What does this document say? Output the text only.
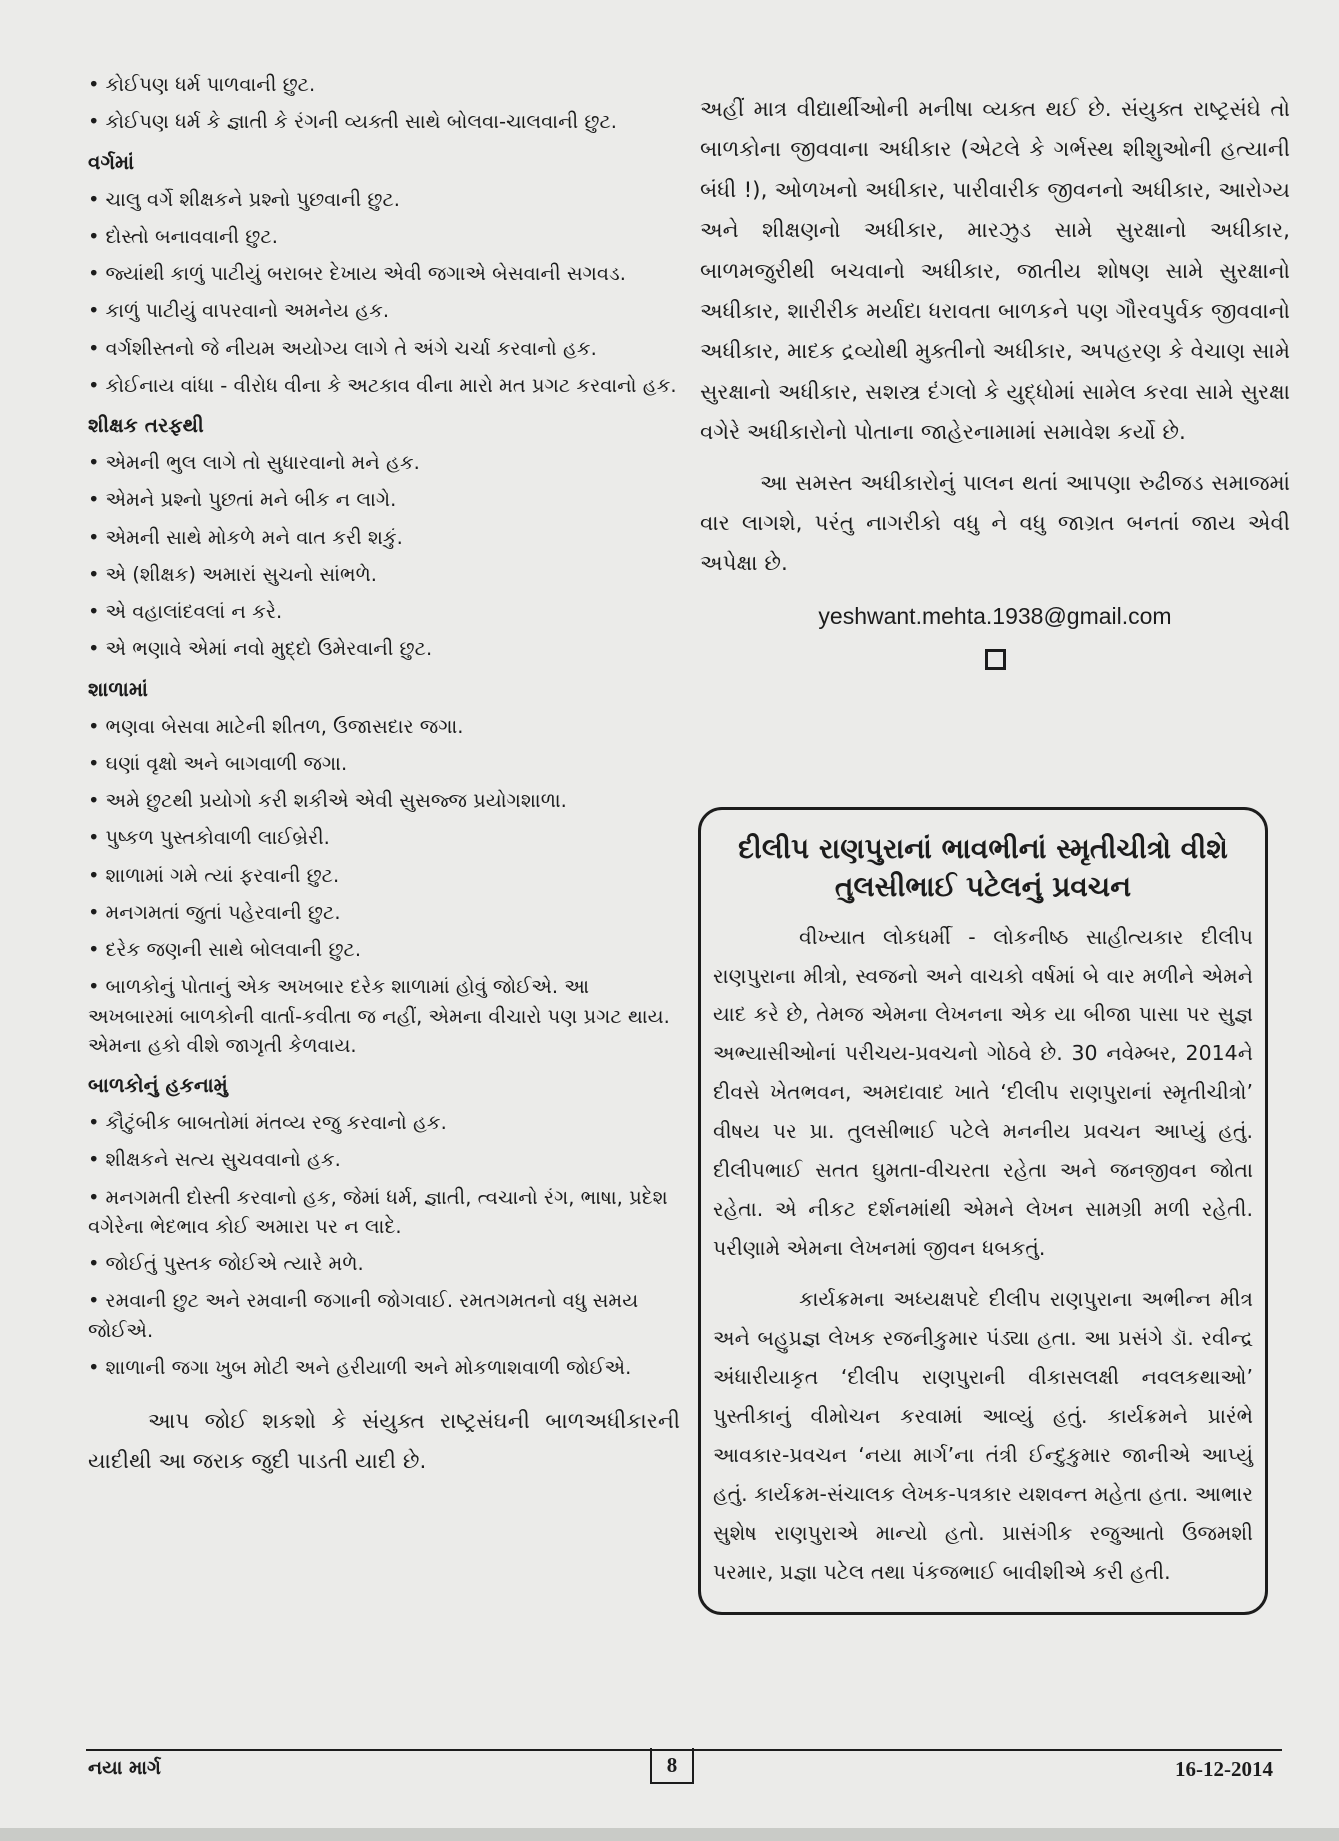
• કોઈપણ ધર્મ પાળવાની છુટ.
• કોઈપણ ધર્મ કે જ્ઞાતી કે રંગની વ્યક્તી સાથે બોલવા-ચાલવાની છુટ.
વર્ગમાં
• ચાલુ વર્ગે શીક્ષકને પ્રશ્નો પુછવાની છુટ.
• દોસ્તો બનાવવાની છુટ.
• જ્યાંથી કાળું પાટીયું બરાબર દેખાય એવી જગાએ બેસવાની સગવડ.
• કાળું પાટીયું વાપરવાનો અમનેય હક.
• વર્ગશીસ્તનો જે નીયમ અયોગ્ય લાગે તે અંગે ચર્ચા કરવાનો હક.
• કોઈનાય વાંધા - વીરોધ વીના કે અટકાવ વીના મારો મત પ્રગટ કરવાનો હક.
શીક્ષક તરફથી
• એમની ભુલ લાગે તો સુધારવાનો મને હક.
• એમને પ્રશ્નો પુછતાં મને બીક ન લાગે.
• એમની સાથે મોકળે મને વાત કરી શકું.
• એ (શીક્ષક) અમારાં સુચનો સાંભળે.
• એ વહાલાંદવલાં ન કરે.
• એ ભણાવે એમાં નવો મુદ્દો ઉમેરવાની છુટ.
શાળામાં
• ભણવા બેસવા માટેની શીતળ, ઉજાસદાર જગા.
• ઘણાં વૃક્ષો અને બાગવાળી જગા.
• અમે છુટથી પ્રયોગો કરી શકીએ એવી સુસજ્જ પ્રયોગશાળા.
• પુષ્કળ પુસ્તકોવાળી લાઈબ્રેરી.
• શાળામાં ગમે ત્યાં ફરવાની છુટ.
• મનગમતાં જુતાં પહેરવાની છુટ.
• દરેક જણની સાથે બોલવાની છુટ.
• બાળકોનું પોતાનું એક અખબાર દરેક શાળામાં હોવું જોઈએ. આ અખબારમાં બાળકોની વાર્તા-કવીતા જ નહીં, એમના વીચારો પણ પ્રગટ થાય. એમના હકો વીશે જાગૃતી કેળવાય.
બાળકોનું હકનામું
• કૌટુંબીક બાબતોમાં મંતવ્ય રજુ કરવાનો હક.
• શીક્ષકને સત્ય સુચવવાનો હક.
• મનગમતી દોસ્તી કરવાનો હક, જેમાં ધર્મ, જ્ઞાતી, ત્વચાનો રંગ, ભાષા, પ્રદેશ વગેરેના ભેદભાવ કોઈ અમારા પર ન લાદે.
• જોઈતું પુસ્તક જોઈએ ત્યારે મળે.
• રમવાની છુટ અને રમવાની જગાની જોગવાઈ. રમતગમતનો વધુ સમય જોઈએ.
• શાળાની જગા ખુબ મોટી અને હરીયાળી અને મોકળાશવાળી જોઈએ.

આપ જોઈ શકશો કે સંયુક્ત રાષ્ટ્રસંઘની બાળઅધીકારની યાદીથી આ જરાક જુદી પાડતી યાદી છે.

અહીં માત્ર વીદ્યાર્થીઓની મનીષા વ્યક્ત થઈ છે. સંયુક્ત રાષ્ટ્રસંઘે તો બાળકોના જીવવાના અધીકાર (એટલે કે ગર્ભસ્થ શીશુઓની હત્યાની બંધી !), ઓળખનો અધીકાર, પારીવારીક જીવનનો અધીકાર, આરોગ્ય અને શીક્ષણનો અધીકાર, મારઝુડ સામે સુરક્ષાનો અધીકાર, બાળમજુરીથી બચવાનો અધીકાર, જાતીય શોષણ સામે સુરક્ષાનો અધીકાર, શારીરીક મર્યાદા ધરાવતા બાળકને પણ ગૌરવપુર્વક જીવવાનો અધીકાર, માદક દ્રવ્યોથી મુક્તીનો અધીકાર, અપહરણ કે વેચાણ સામે સુરક્ષાનો અધીકાર, સશસ્ત્ર દંગલો કે યુદ્ધોમાં સામેલ કરવા સામે સુરક્ષા વગેરે અધીકારોનો પોતાના જાહેરનામામાં સમાવેશ કર્યો છે.

આ સમસ્ત અધીકારોનું પાલન થતાં આપણા રુઢીજડ સમાજમાં વાર લાગશે, પરંતુ નાગરીકો વધુ ને વધુ જાગ્રત બનતાં જાય એવી અપેક્ષા છે.

yeshwant.mehta.1938@gmail.com
દીલીપ રાણપુરાનાં ભાવભીનાં સ્મૃતીચીત્રો વીશે
તુલસીભાઈ પટેલનું પ્રવચન

વીખ્યાત લોકધર્મી - લોકનીષ્ઠ સાહીત્યકાર દીલીપ રાણપુરાના મીત્રો, સ્વજનો અને વાચકો વર્ષમાં બે વાર મળીને એમને યાદ કરે છે, તેમજ એમના લેખનના એક યા બીજા પાસા પર સુજ્ઞ અભ્યાસીઓનાં પરીચય-પ્રવચનો ગોઠવે છે. 30 નવેમ્બર, 2014ને દીવસે ખેતભવન, અમદાવાદ ખાતે ‘દીલીપ રાણપુરાનાં સ્મૃતીચીત્રો’ વીષય પર પ્રા. તુલસીભાઈ પટેલે મનનીય પ્રવચન આપ્યું હતું. દીલીપભાઈ સતત ઘુમતા-વીચરતા રહેતા અને જનજીવન જોતા રહેતા. એ નીકટ દર્શનમાંથી એમને લેખન સામગ્રી મળી રહેતી. પરીણામે એમના લેખનમાં જીવન ધબકતું.

કાર્યક્રમના અધ્યક્ષપદે દીલીપ રાણપુરાના અભીન્ન મીત્ર અને બહુપ્રજ્ઞ લેખક રજનીકુમાર પંડ્યા હતા. આ પ્રસંગે ડૉ. રવીન્દ્ર અંધારીયાકૃત ‘દીલીપ રાણપુરાની વીકાસલક્ષી નવલકથાઓ’ પુસ્તીકાનું વીમોચન કરવામાં આવ્યું હતું. કાર્યક્રમને પ્રારંભે આવકાર-પ્રવચન ‘નયા માર્ગ’ના તંત્રી ઈન્દુકુમાર જાનીએ આપ્યું હતું. કાર્યક્રમ-સંચાલક લેખક-પત્રકાર યશવન્ત મહેતા હતા. આભાર સુશેષ રાણપુરાએ માન્યો હતો. પ્રાસંગીક રજુઆતો ઉજમશી પરમાર, પ્રજ્ઞા પટેલ તથા પંકજભાઈ બાવીશીએ કરી હતી.

નયા માર્ગ	8	16-12-2014
